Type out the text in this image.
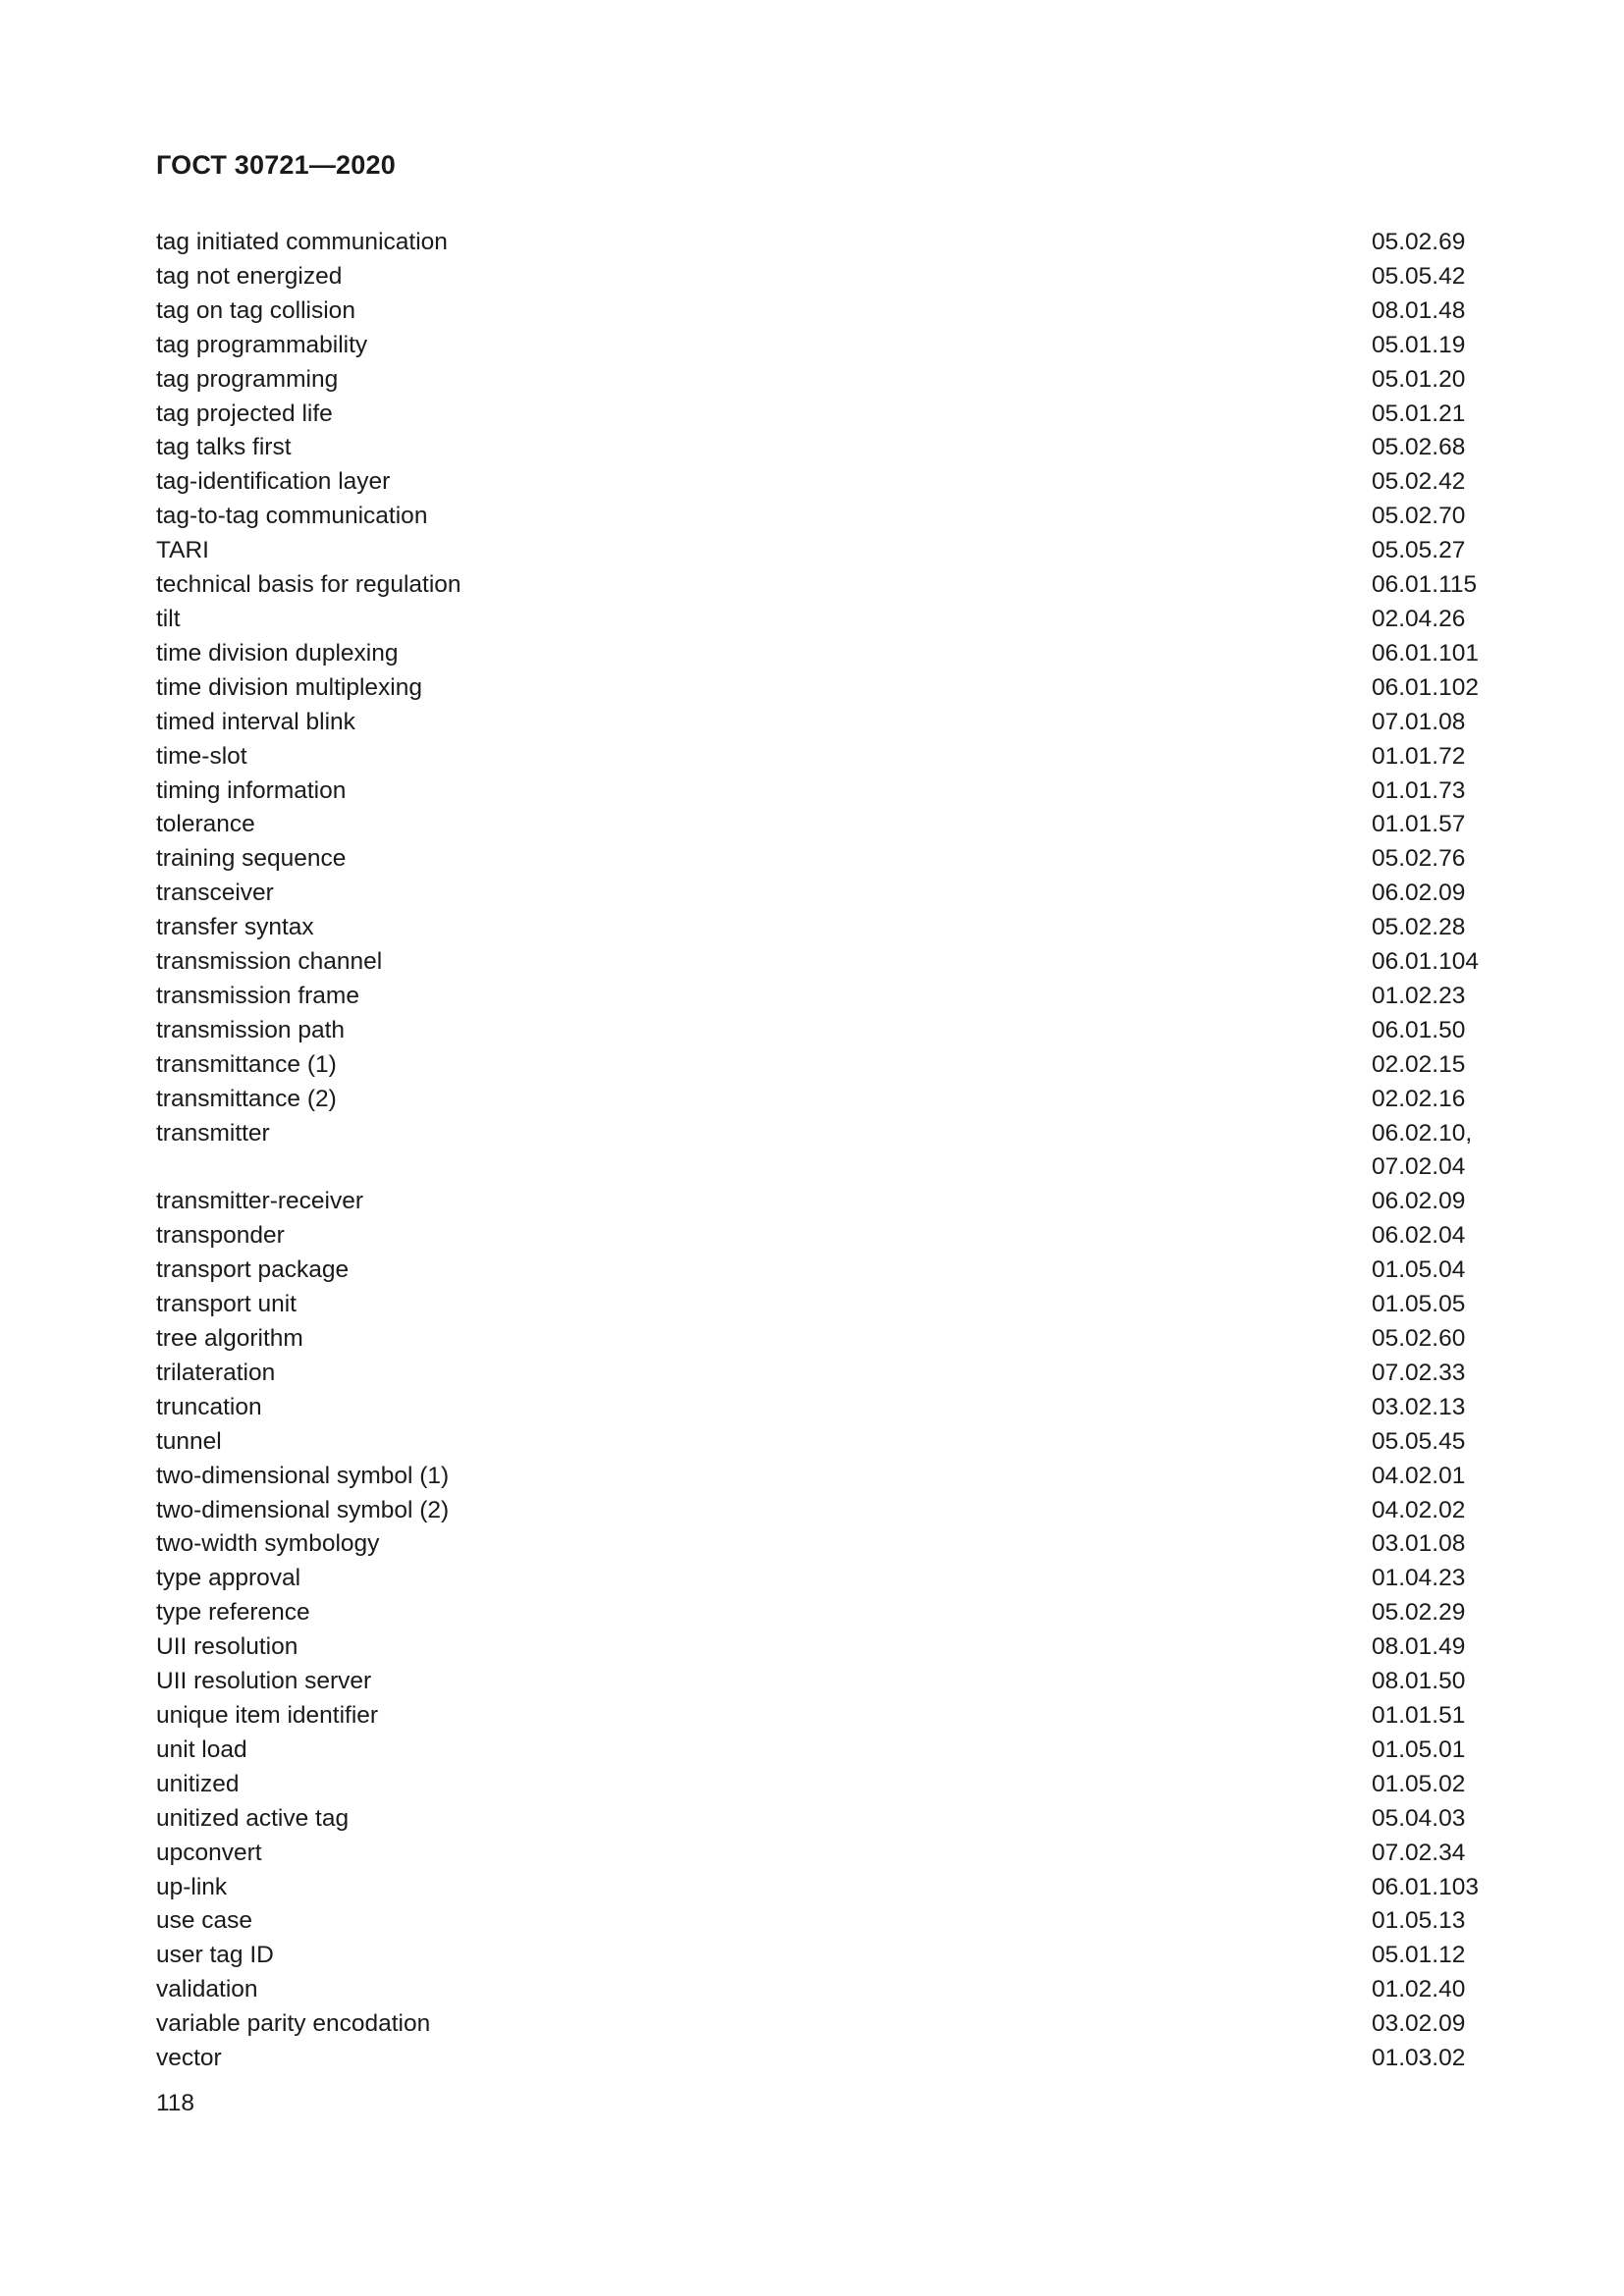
ГОСТ 30721—2020
tag initiated communication	05.02.69
tag not energized	05.05.42
tag on tag collision	08.01.48
tag programmability	05.01.19
tag programming	05.01.20
tag projected life	05.01.21
tag talks first	05.02.68
tag-identification layer	05.02.42
tag-to-tag communication	05.02.70
TARI	05.05.27
technical basis for regulation	06.01.115
tilt	02.04.26
time division duplexing	06.01.101
time division multiplexing	06.01.102
timed interval blink	07.01.08
time-slot	01.01.72
timing information	01.01.73
tolerance	01.01.57
training sequence	05.02.76
transceiver	06.02.09
transfer syntax	05.02.28
transmission channel	06.01.104
transmission frame	01.02.23
transmission path	06.01.50
transmittance (1)	02.02.15
transmittance (2)	02.02.16
transmitter	06.02.10,
07.02.04
transmitter-receiver	06.02.09
transponder	06.02.04
transport package	01.05.04
transport unit	01.05.05
tree algorithm	05.02.60
trilateration	07.02.33
truncation	03.02.13
tunnel	05.05.45
two-dimensional symbol (1)	04.02.01
two-dimensional symbol (2)	04.02.02
two-width symbology	03.01.08
type approval	01.04.23
type reference	05.02.29
UII resolution	08.01.49
UII resolution server	08.01.50
unique item identifier	01.01.51
unit load	01.05.01
unitized	01.05.02
unitized active tag	05.04.03
upconvert	07.02.34
up-link	06.01.103
use case	01.05.13
user tag ID	05.01.12
validation	01.02.40
variable parity encodation	03.02.09
vector	01.03.02
118
